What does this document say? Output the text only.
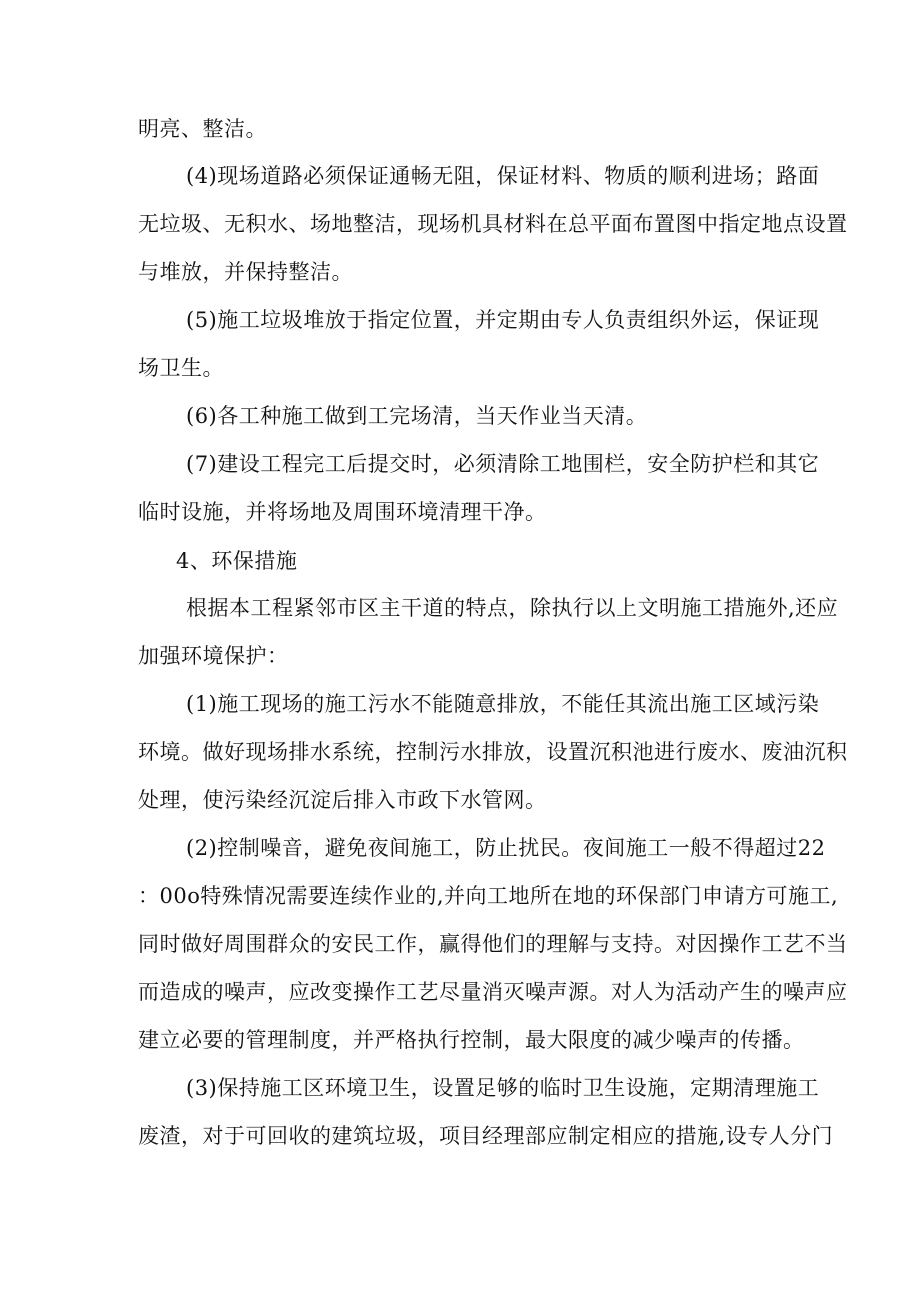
明亮、整洁。
(4)现场道路必须保证通畅无阻，保证材料、物质的顺利进场；路面
无垃圾、无积水、场地整洁，现场机具材料在总平面布置图中指定地点设置
与堆放，并保持整洁。
(5)施工垃圾堆放于指定位置，并定期由专人负责组织外运，保证现
场卫生。
(6)各工种施工做到工完场清，当天作业当天清。
(7)建设工程完工后提交时，必须清除工地围栏，安全防护栏和其它
临时设施，并将场地及周围环境清理干净。
4、环保措施
根据本工程紧邻市区主干道的特点，除执行以上文明施工措施外,还应
加强环境保护：
(1)施工现场的施工污水不能随意排放，不能任其流出施工区域污染
环境。做好现场排水系统，控制污水排放，设置沉积池进行废水、废油沉积
处理，使污染经沉淀后排入市政下水管网。
(2)控制噪音，避免夜间施工，防止扰民。夜间施工一般不得超过22
：00o特殊情况需要连续作业的,并向工地所在地的环保部门申请方可施工,
同时做好周围群众的安民工作，赢得他们的理解与支持。对因操作工艺不当
而造成的噪声，应改变操作工艺尽量消灭噪声源。对人为活动产生的噪声应
建立必要的管理制度，并严格执行控制，最大限度的减少噪声的传播。
(3)保持施工区环境卫生，设置足够的临时卫生设施，定期清理施工
废渣，对于可回收的建筑垃圾，项目经理部应制定相应的措施,设专人分门
